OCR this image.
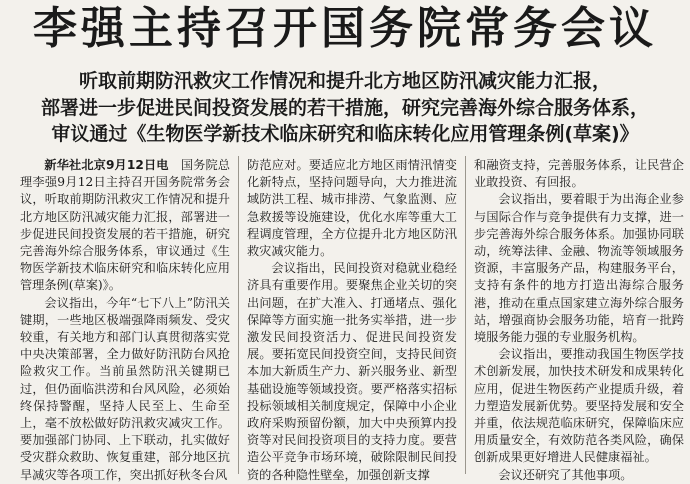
李强主持召开国务院常务会议
听取前期防汛救灾工作情况和提升北方地区防汛减灾能力汇报，
部署进一步促进民间投资发展的若干措施，研究完善海外综合服务体系，
审议通过《生物医学新技术临床研究和临床转化应用管理条例(草案)》

新华社北京9月12日电　 国务院总理李强9月12日主持召开国务院常务会议，听取前期防汛救灾工作情况和提升北方地区防汛减灾能力汇报，部署进一步促进民间投资发展的若干措施，研究完善海外综合服务体系，审议通过《生物医学新技术临床研究和临床转化应用管理条例(草案)》。

会议指出，今年“七下八上”防汛关键期，一些地区极端强降雨频发、受灾较重，有关地方和部门认真贯彻落实党中央决策部署，全力做好防汛防台风抢险救灾工作。当前虽然防汛关键期已过，但仍面临洪涝和台风风险，必须始终保持警醒，坚持人民至上、生命至上，毫不放松做好防汛救灾减灾工作。要加强部门协同、上下联动，扎实做好受灾群众救助、恢复重建，部分地区抗旱减灾等各项工作，突出抓好秋冬台风

防范应对。要适应北方地区雨情汛情变化新特点，坚持问题导向，大力推进流域防洪工程、城市排涝、气象监测、应急救援等设施建设，优化水库等重大工程调度管理，全方位提升北方地区防汛救灾减灾能力。

会议指出，民间投资对稳就业稳经济具有重要作用。要聚焦企业关切的突出问题，在扩大准入、打通堵点、强化保障等方面实施一批务实举措，进一步激发民间投资活力、促进民间投资发展。要拓宽民间投资空间，支持民间资本加大新质生产力、新兴服务业、新型基础设施等领域投资。要严格落实招标投标领域相关制度规定，保障中小企业政府采购预留份额，加大中央预算内投资等对民间投资项目的支持力度。要营造公平竞争市场环境，破除限制民间投资的各种隐性壁垒，加强创新支撑

和融资支持，完善服务体系，让民营企业敢投资、有回报。

会议指出，要着眼于为出海企业参与国际合作与竞争提供有力支撑，进一步完善海外综合服务体系。加强协同联动，统筹法律、金融、物流等领域服务资源，丰富服务产品，构建服务平台，支持有条件的地方打造出海综合服务港，推动在重点国家建立海外综合服务站，增强商协会服务功能，培育一批跨境服务能力强的专业服务机构。

会议指出，要推动我国生物医学技术创新发展，加快技术研发和成果转化应用，促进生物医药产业提质升级，着力塑造发展新优势。要坚持发展和安全并重，依法规范临床研究，保障临床应用质量安全，有效防范各类风险，确保创新成果更好增进人民健康福祉。

会议还研究了其他事项。
